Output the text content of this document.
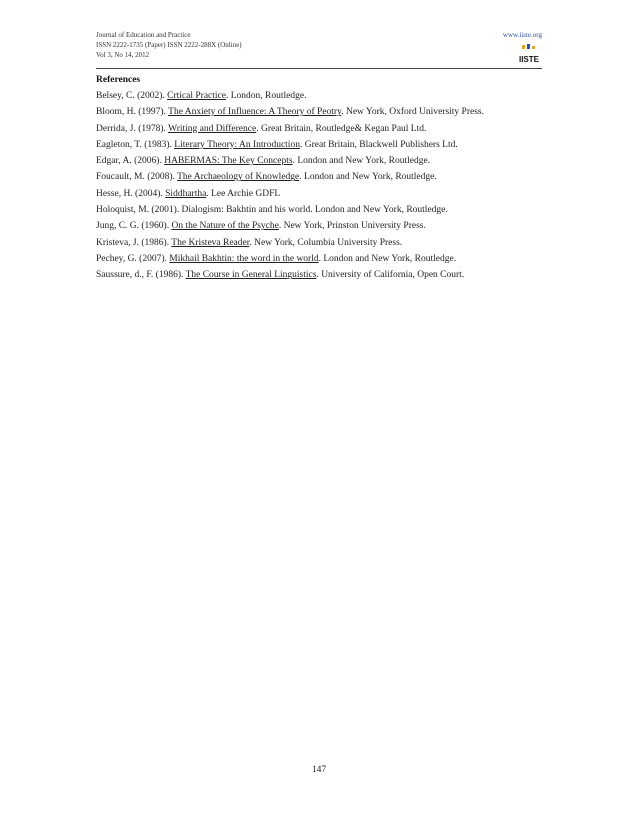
Journal of Education and Practice
ISSN 2222-1735 (Paper) ISSN 2222-288X (Online)
Vol 3, No 14, 2012
www.iiste.org
IISTE
References
Belsey, C. (2002). Crtical Practice. London, Routledge.
Bloom, H. (1997). The Anxiety of Influence: A Theory of Peotry. New York, Oxford University Press.
Derrida, J. (1978). Writing and Difference. Great Britain, Routledge& Kegan Paul Ltd.
Eagleton, T. (1983). Literary Theory: An Introduction. Great Britain, Blackwell Publishers Ltd.
Edgar, A. (2006). HABERMAS: The Key Concepts. London and New York, Routledge.
Foucault, M. (2008). The Archaeology of Knowledge. London and New York, Routledge.
Hesse, H. (2004). Siddhartha. Lee Archie GDFL
Holoquist, M. (2001). Dialogism: Bakhtin and his world. London and New York, Routledge.
Jung, C. G. (1960). On the Nature of the Psyche. New York, Prinston University Press.
Kristeva, J. (1986). The Kristeva Reader. New York, Columbia University Press.
Pechey, G. (2007). Mikhail Bakhtin: the word in the world. London and New York, Routledge.
Saussure, d., F. (1986). The Course in General Linguistics. University of California, Open Court.
147
